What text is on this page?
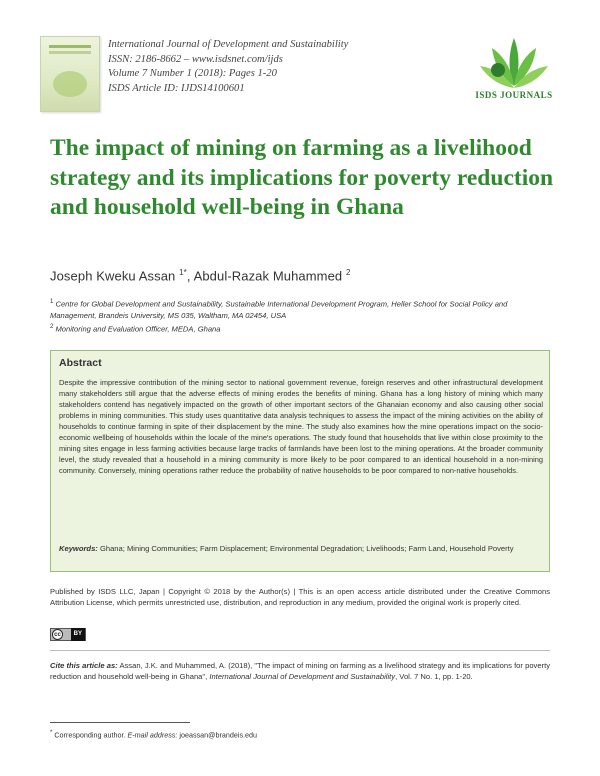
International Journal of Development and Sustainability
ISSN: 2186-8662 – www.isdsnet.com/ijds
Volume 7 Number 1 (2018): Pages 1-20
ISDS Article ID: IJDS14100601
ISDS JOURNALS
The impact of mining on farming as a livelihood strategy and its implications for poverty reduction and household well-being in Ghana
Joseph Kweku Assan $^{1*}$, Abdul-Razak Muhammed $^2$
$^1$ Centre for Global Development and Sustainability, Sustainable International Development Program, Heller School for Social Policy and Management, Brandeis University, MS 035, Waltham, MA 02454, USA
$^2$ Monitoring and Evaluation Officer, MEDA, Ghana
Abstract
Despite the impressive contribution of the mining sector to national government revenue, foreign reserves and other infrastructural development many stakeholders still argue that the adverse effects of mining erodes the benefits of mining. Ghana has a long history of mining which many stakeholders contend has negatively impacted on the growth of other important sectors of the Ghanaian economy and also causing other social problems in mining communities. This study uses quantitative data analysis techniques to assess the impact of the mining activities on the ability of households to continue farming in spite of their displacement by the mine. The study also examines how the mine operations impact on the socio-economic wellbeing of households within the locale of the mine's operations. The study found that households that live within close proximity to the mining sites engage in less farming activities because large tracks of farmlands have been lost to the mining operations. At the broader community level, the study revealed that a household in a mining community is more likely to be poor compared to an identical household in a non-mining community. Conversely, mining operations rather reduce the probability of native households to be poor compared to non-native households.
Keywords: Ghana; Mining Communities; Farm Displacement; Environmental Degradation; Livelihoods; Farm Land, Household Poverty
Published by ISDS LLC, Japan | Copyright © 2018 by the Author(s) | This is an open access article distributed under the Creative Commons Attribution License, which permits unrestricted use, distribution, and reproduction in any medium, provided the original work is properly cited.
cc	BY
Cite this article as: Assan, J.K. and Muhammed, A. (2018), "The impact of mining on farming as a livelihood strategy and its implications for poverty reduction and household well-being in Ghana", International Journal of Development and Sustainability, Vol. 7 No. 1, pp. 1-20.
* Corresponding author. E-mail address: joeassan@brandeis.edu
